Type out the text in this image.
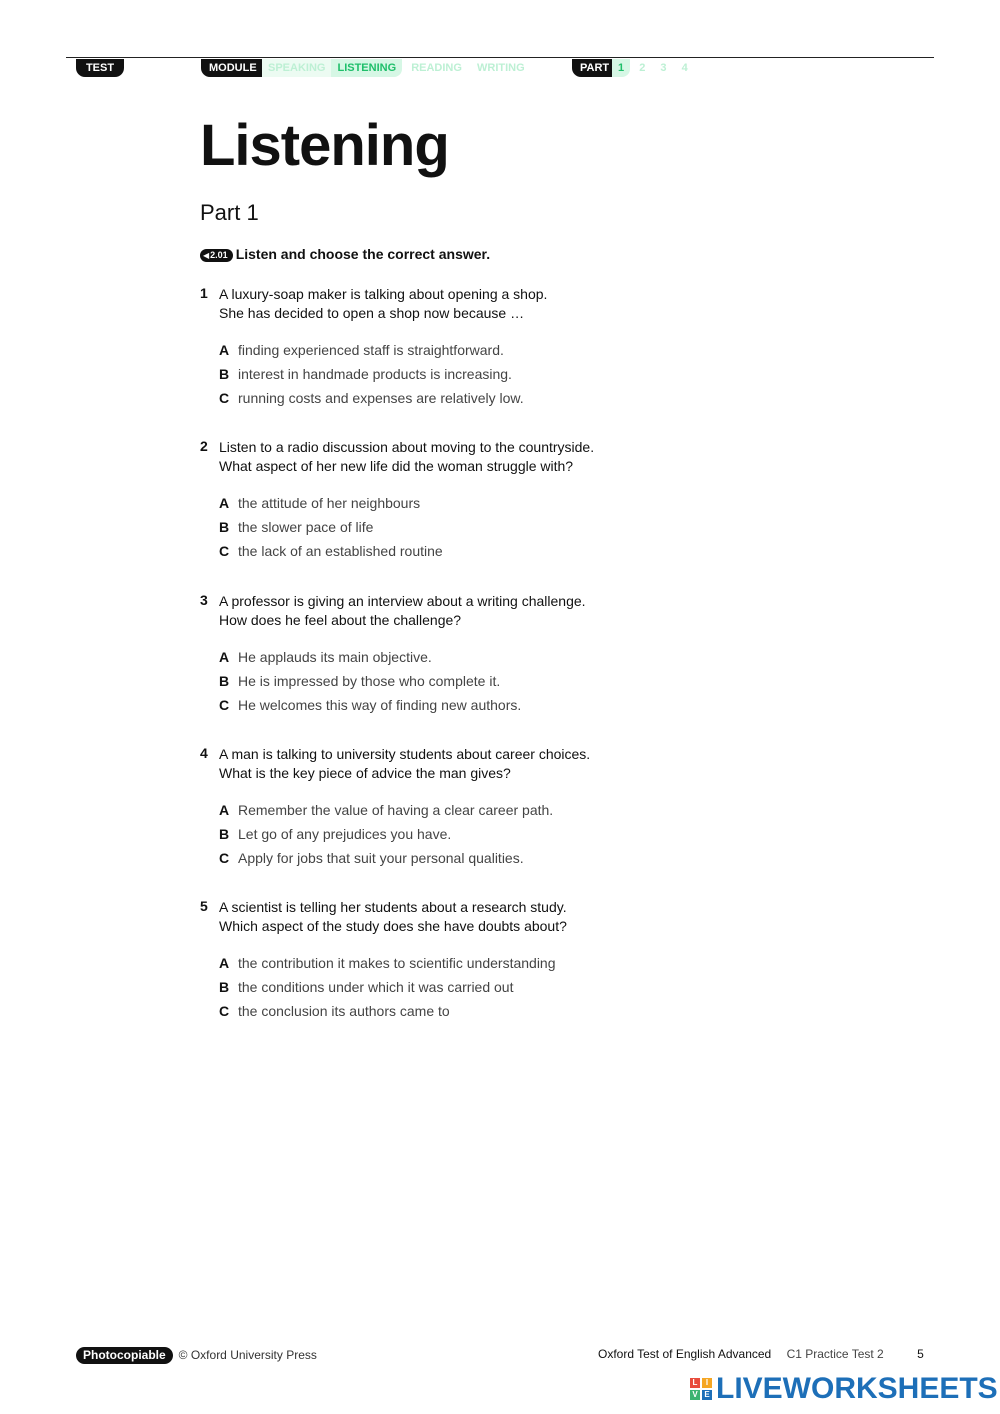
TEST 2
MODULE	SPEAKING LISTENING READING WRITING	PART 1 2 3 4
Listening
Part 1
◀2.01 Listen and choose the correct answer.
1 A luxury-soap maker is talking about opening a shop.
She has decided to open a shop now because …
A finding experienced staff is straightforward.
B interest in handmade products is increasing.
C running costs and expenses are relatively low.
2 Listen to a radio discussion about moving to the countryside.
What aspect of her new life did the woman struggle with?
A the attitude of her neighbours
B the slower pace of life
C the lack of an established routine
3 A professor is giving an interview about a writing challenge.
How does he feel about the challenge?
A He applauds its main objective.
B He is impressed by those who complete it.
C He welcomes this way of finding new authors.
4 A man is talking to university students about career choices.
What is the key piece of advice the man gives?
A Remember the value of having a clear career path.
B Let go of any prejudices you have.
C Apply for jobs that suit your personal qualities.
5 A scientist is telling her students about a research study.
Which aspect of the study does she have doubts about?
A the contribution it makes to scientific understanding
B the conditions under which it was carried out
C the conclusion its authors came to
Photocopiable © Oxford University Press	Oxford Test of English Advanced C1 Practice Test 2	5
L	I
V E LIVEWORKSHEETS
